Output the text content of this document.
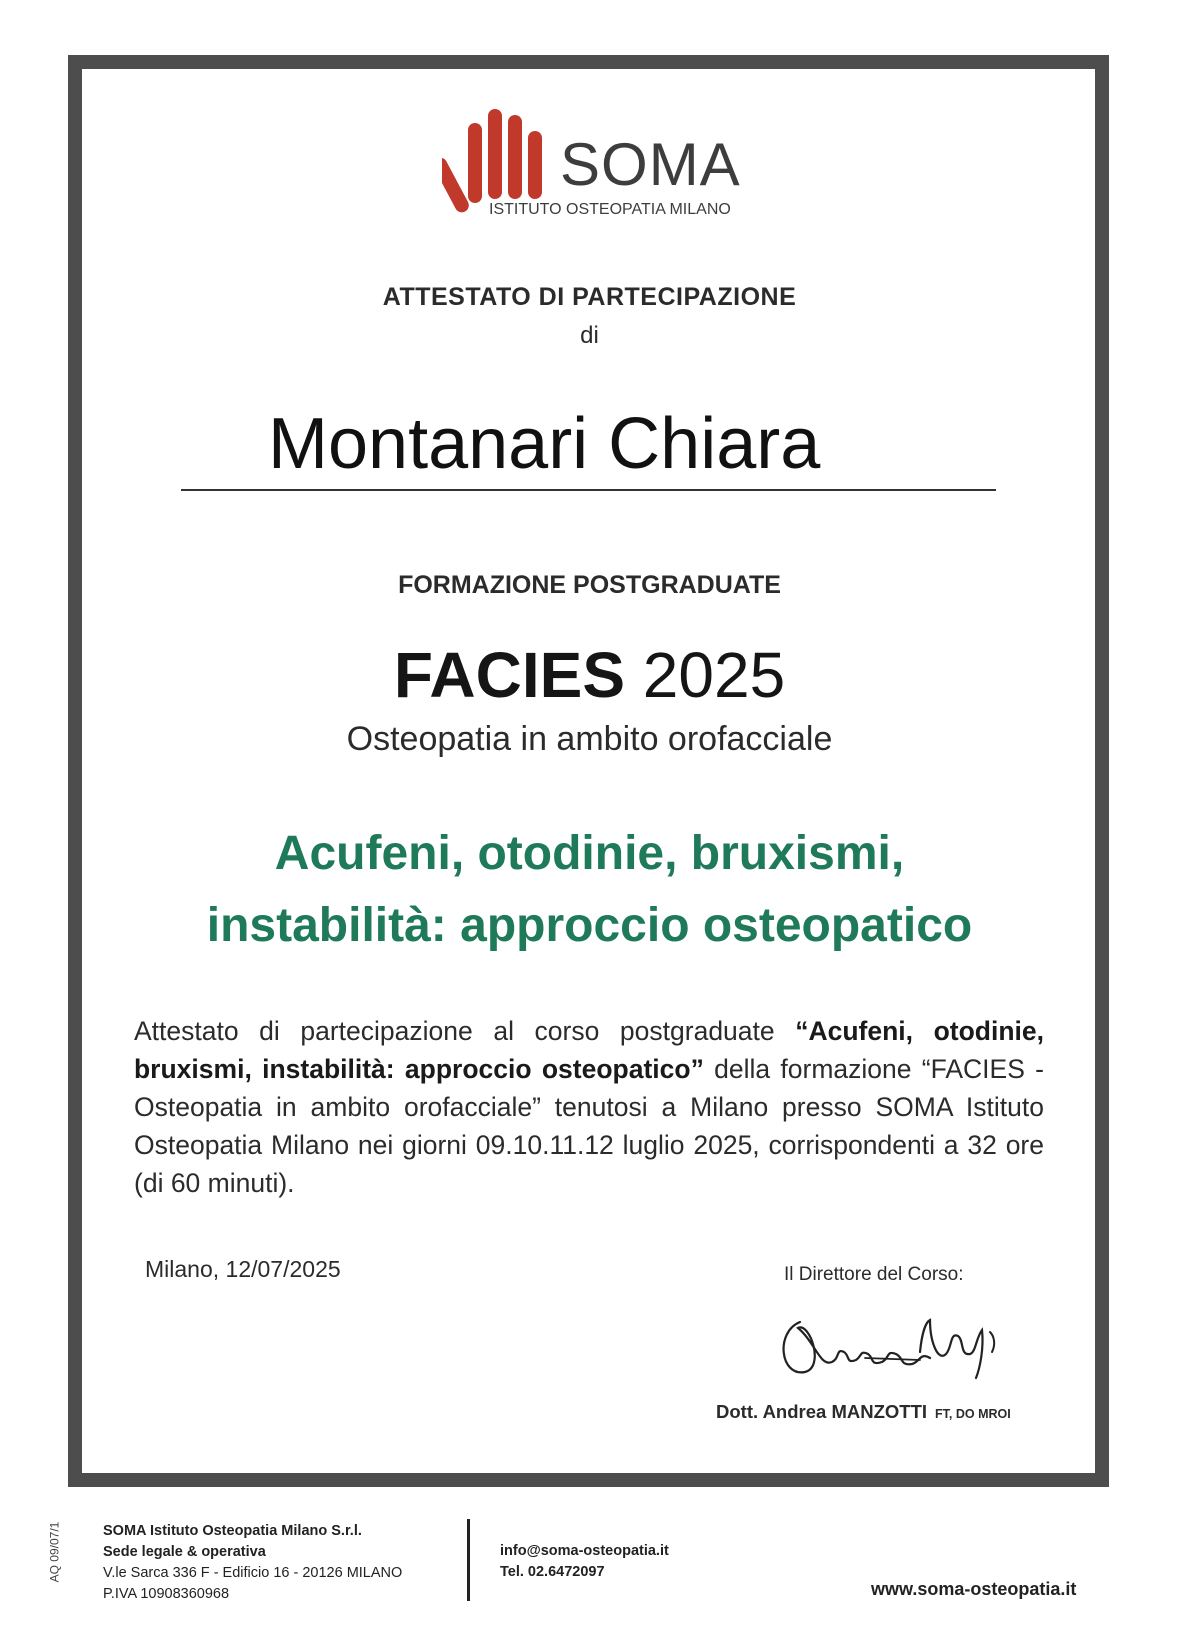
SOMA
ISTITUTO OSTEOPATIA MILANO
ATTESTATO DI PARTECIPAZIONE
di
Montanari Chiara
FORMAZIONE POSTGRADUATE
FACIES 2025
Osteopatia in ambito orofacciale
Acufeni, otodinie, bruxismi,
instabilità: approccio osteopatico
Attestato di partecipazione al corso postgraduate “Acufeni, otodinie, bruxismi, instabilità: approccio osteopatico” della formazione “FACIES - Osteopatia in ambito orofacciale” tenutosi a Milano presso SOMA Istituto Osteopatia Milano nei giorni 09.10.11.12 luglio 2025, corrispondenti a 32 ore (di 60 minuti).
Milano, 12/07/2025	Il Direttore del Corso:
Dott. Andrea MANZOTTI FT, DO MROI
AQ 09/07/1	SOMA Istituto Osteopatia Milano S.r.l.
Sede legale & operativa
V.le Sarca 336 F - Edificio 16 - 20126 MILANO
P.IVA 10908360968
info@soma-osteopatia.it
Tel. 02.6472097
www.soma-osteopatia.it
